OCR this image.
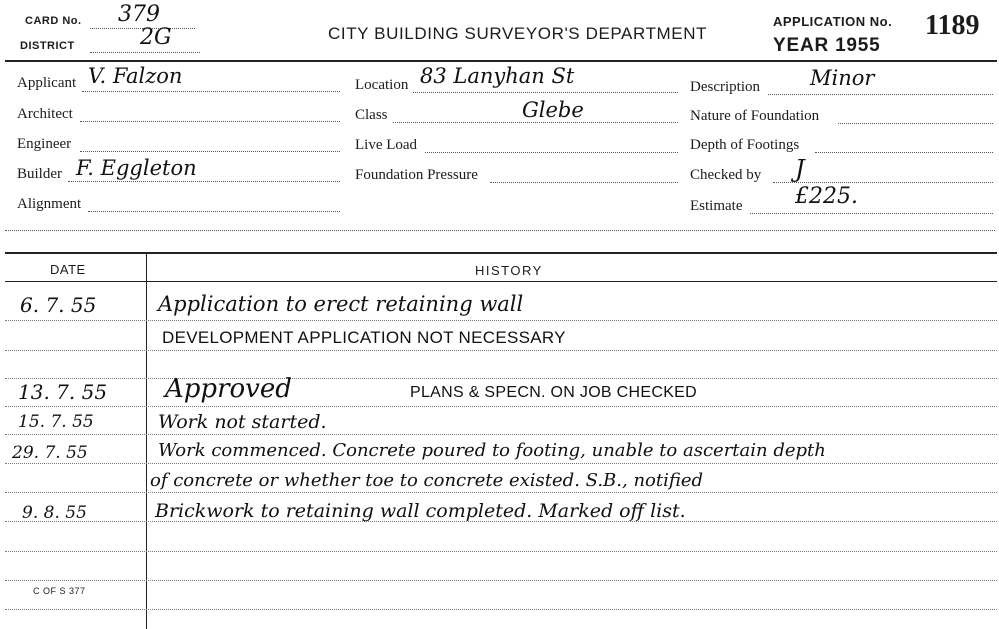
CARD No. 379
DISTRICT	2G	CITY BUILDING SURVEYOR'S DEPARTMENT
APPLICATION No. 1189
YEAR 1955
Applicant V. Falzon
Architect
Engineer
Builder F. Eggleton
Alignment
Location 83 Lanyhan St
Class	Glebe
Live Load
Foundation Pressure
Description Minor
Nature of Foundation
Depth of Footings
Checked by J
Estimate £225.
DATE	HISTORY
6. 7. 55	Application to erect retaining wall
DEVELOPMENT APPLICATION NOT NECESSARY
13. 7. 55 Approved	PLANS & SPECN. ON JOB CHECKED
15. 7. 55	Work not started.
29. 7. 55	Work commenced. Concrete poured to footing, unable to ascertain depth
of concrete or whether toe to concrete existed. S.B., notified
9. 8. 55	Brickwork to retaining wall completed. Marked off list.
C OF S 377
